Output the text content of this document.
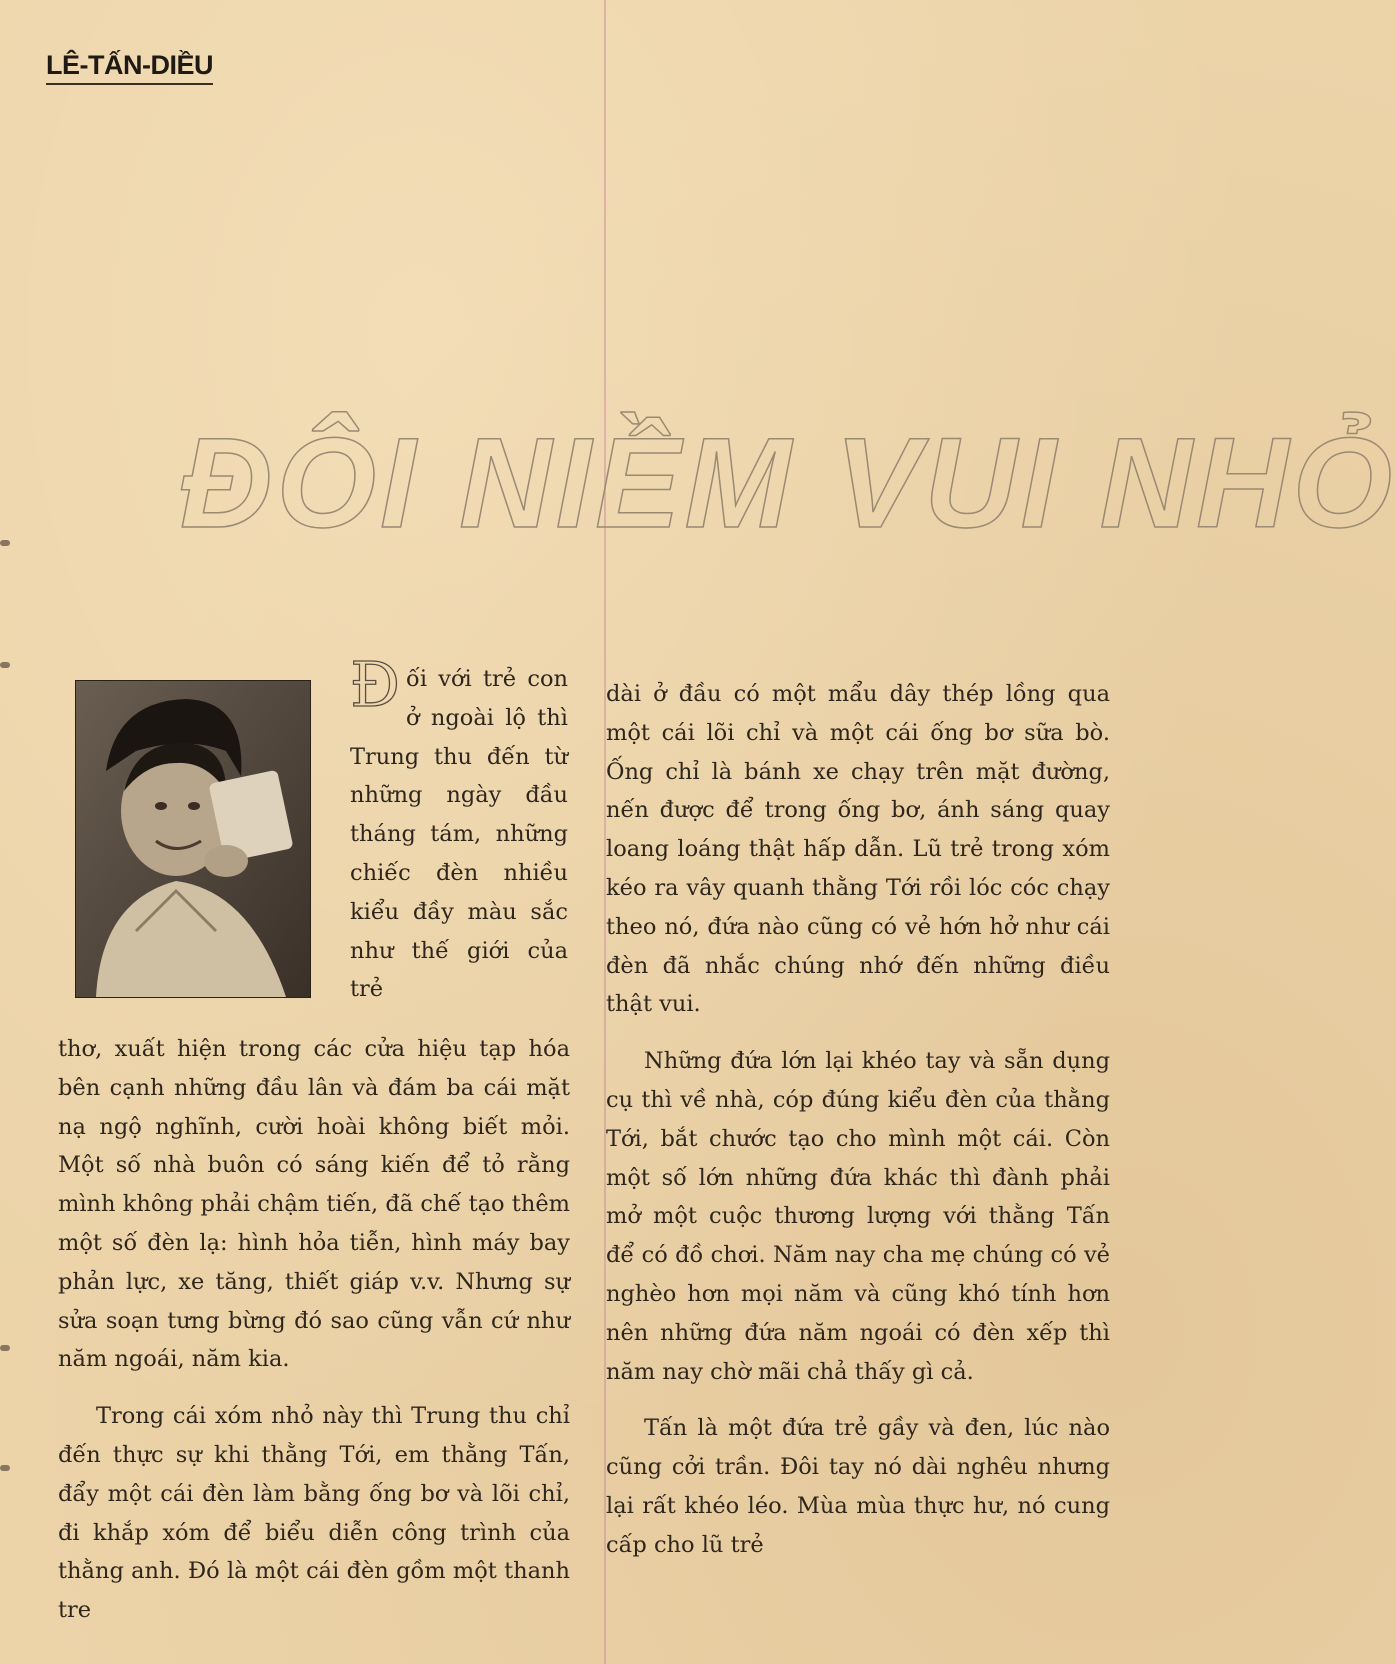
LÊ-TẤN-DIỀU
ĐÔI NIỀM VUI NHỎ
Đ ối với trẻ con ở ngoài lộ thì Trung thu đến từ những ngày đầu tháng tám, những chiếc đèn nhiều kiểu đầy màu sắc như thế giới của trẻ

thơ, xuất hiện trong các cửa hiệu tạp hóa bên cạnh những đầu lân và đám ba cái mặt nạ ngộ nghĩnh, cười hoài không biết mỏi. Một số nhà buôn có sáng kiến để tỏ rằng mình không phải chậm tiến, đã chế tạo thêm một số đèn lạ: hình hỏa tiễn, hình máy bay phản lực, xe tăng, thiết giáp v.v. Nhưng sự sửa soạn tưng bừng đó sao cũng vẫn cứ như năm ngoái, năm kia.

Trong cái xóm nhỏ này thì Trung thu chỉ đến thực sự khi thằng Tới, em thằng Tấn, đẩy một cái đèn làm bằng ống bơ và lõi chỉ, đi khắp xóm để biểu diễn công trình của thằng anh. Đó là một cái đèn gồm một thanh tre

dài ở đầu có một mẩu dây thép lồng qua một cái lõi chỉ và một cái ống bơ sữa bò. Ống chỉ là bánh xe chạy trên mặt đường, nến được để trong ống bơ, ánh sáng quay loang loáng thật hấp dẫn. Lũ trẻ trong xóm kéo ra vây quanh thằng Tới rồi lóc cóc chạy theo nó, đứa nào cũng có vẻ hớn hở như cái đèn đã nhắc chúng nhớ đến những điều thật vui.

Những đứa lớn lại khéo tay và sẵn dụng cụ thì về nhà, cóp đúng kiểu đèn của thằng Tới, bắt chước tạo cho mình một cái. Còn một số lớn những đứa khác thì đành phải mở một cuộc thương lượng với thằng Tấn để có đồ chơi. Năm nay cha mẹ chúng có vẻ nghèo hơn mọi năm và cũng khó tính hơn nên những đứa năm ngoái có đèn xếp thì năm nay chờ mãi chả thấy gì cả.

Tấn là một đứa trẻ gầy và đen, lúc nào cũng cởi trần. Đôi tay nó dài nghêu nhưng lại rất khéo léo. Mùa mùa thực hư, nó cung cấp cho lũ trẻ
